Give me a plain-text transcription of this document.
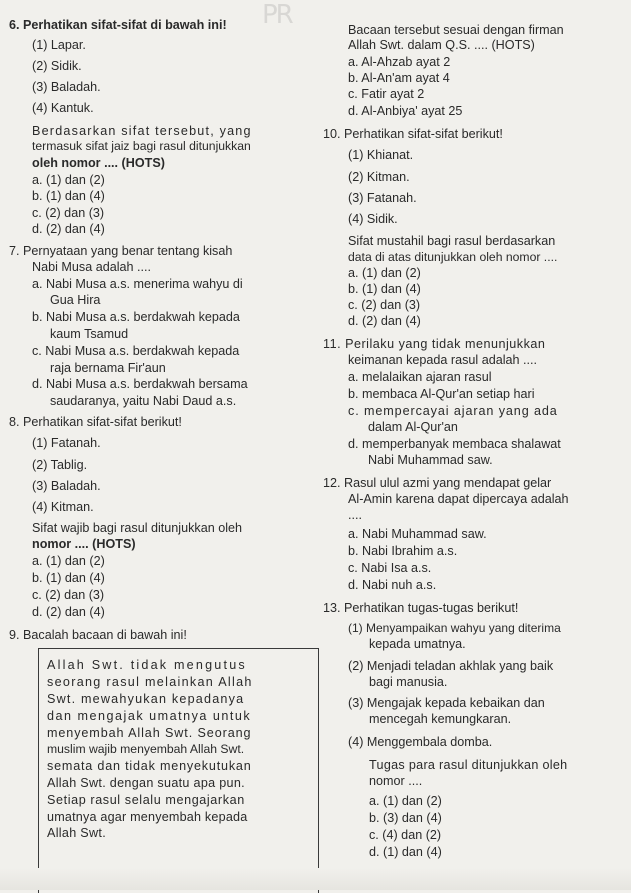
PR
6. Perhatikan sifat-sifat di bawah ini!
(1) Lapar.
(2) Sidik.
(3) Baladah.
(4) Kantuk.
Berdasarkan sifat tersebut, yang
termasuk sifat jaiz bagi rasul ditunjukkan
oleh nomor .... (HOTS)
a. (1) dan (2)
b. (1) dan (4)
c. (2) dan (3)
d. (2) dan (4)
7. Pernyataan yang benar tentang kisah
Nabi Musa adalah ....
a. Nabi Musa a.s. menerima wahyu di
Gua Hira
b. Nabi Musa a.s. berdakwah kepada
kaum Tsamud
c. Nabi Musa a.s. berdakwah kepada
raja bernama Fir'aun
d. Nabi Musa a.s. berdakwah bersama
saudaranya, yaitu Nabi Daud a.s.
8. Perhatikan sifat-sifat berikut!
(1) Fatanah.
(2) Tablig.
(3) Baladah.
(4) Kitman.
Sifat wajib bagi rasul ditunjukkan oleh
nomor .... (HOTS)
a. (1) dan (2)
b. (1) dan (4)
c. (2) dan (3)
d. (2) dan (4)
9. Bacalah bacaan di bawah ini!
Allah Swt. tidak mengutus
seorang rasul melainkan Allah
Swt. mewahyukan kepadanya
dan mengajak umatnya untuk
menyembah Allah Swt. Seorang
muslim wajib menyembah Allah Swt.
semata dan tidak menyekutukan
Allah Swt. dengan suatu apa pun.
Setiap rasul selalu mengajarkan
umatnya agar menyembah kepada
Allah Swt.
Bacaan tersebut sesuai dengan firman
Allah Swt. dalam Q.S. .... (HOTS)
a. Al-Ahzab ayat 2
b. Al-An'am ayat 4
c. Fatir ayat 2
d. Al-Anbiya' ayat 25
10. Perhatikan sifat-sifat berikut!
(1) Khianat.
(2) Kitman.
(3) Fatanah.
(4) Sidik.
Sifat mustahil bagi rasul berdasarkan
data di atas ditunjukkan oleh nomor ....
a. (1) dan (2)
b. (1) dan (4)
c. (2) dan (3)
d. (2) dan (4)
11. Perilaku yang tidak menunjukkan
keimanan kepada rasul adalah ....
a. melalaikan ajaran rasul
b. membaca Al-Qur'an setiap hari
c. mempercayai ajaran yang ada
dalam Al-Qur'an
d. memperbanyak membaca shalawat
Nabi Muhammad saw.
12. Rasul ulul azmi yang mendapat gelar
Al-Amin karena dapat dipercaya adalah
....
a. Nabi Muhammad saw.
b. Nabi Ibrahim a.s.
c. Nabi Isa a.s.
d. Nabi nuh a.s.
13. Perhatikan tugas-tugas berikut!
(1) Menyampaikan wahyu yang diterima
kepada umatnya.
(2) Menjadi teladan akhlak yang baik
bagi manusia.
(3) Mengajak kepada kebaikan dan
mencegah kemungkaran.
(4) Menggembala domba.
Tugas para rasul ditunjukkan oleh
nomor ....
a. (1) dan (2)
b. (3) dan (4)
c. (4) dan (2)
d. (1) dan (4)
